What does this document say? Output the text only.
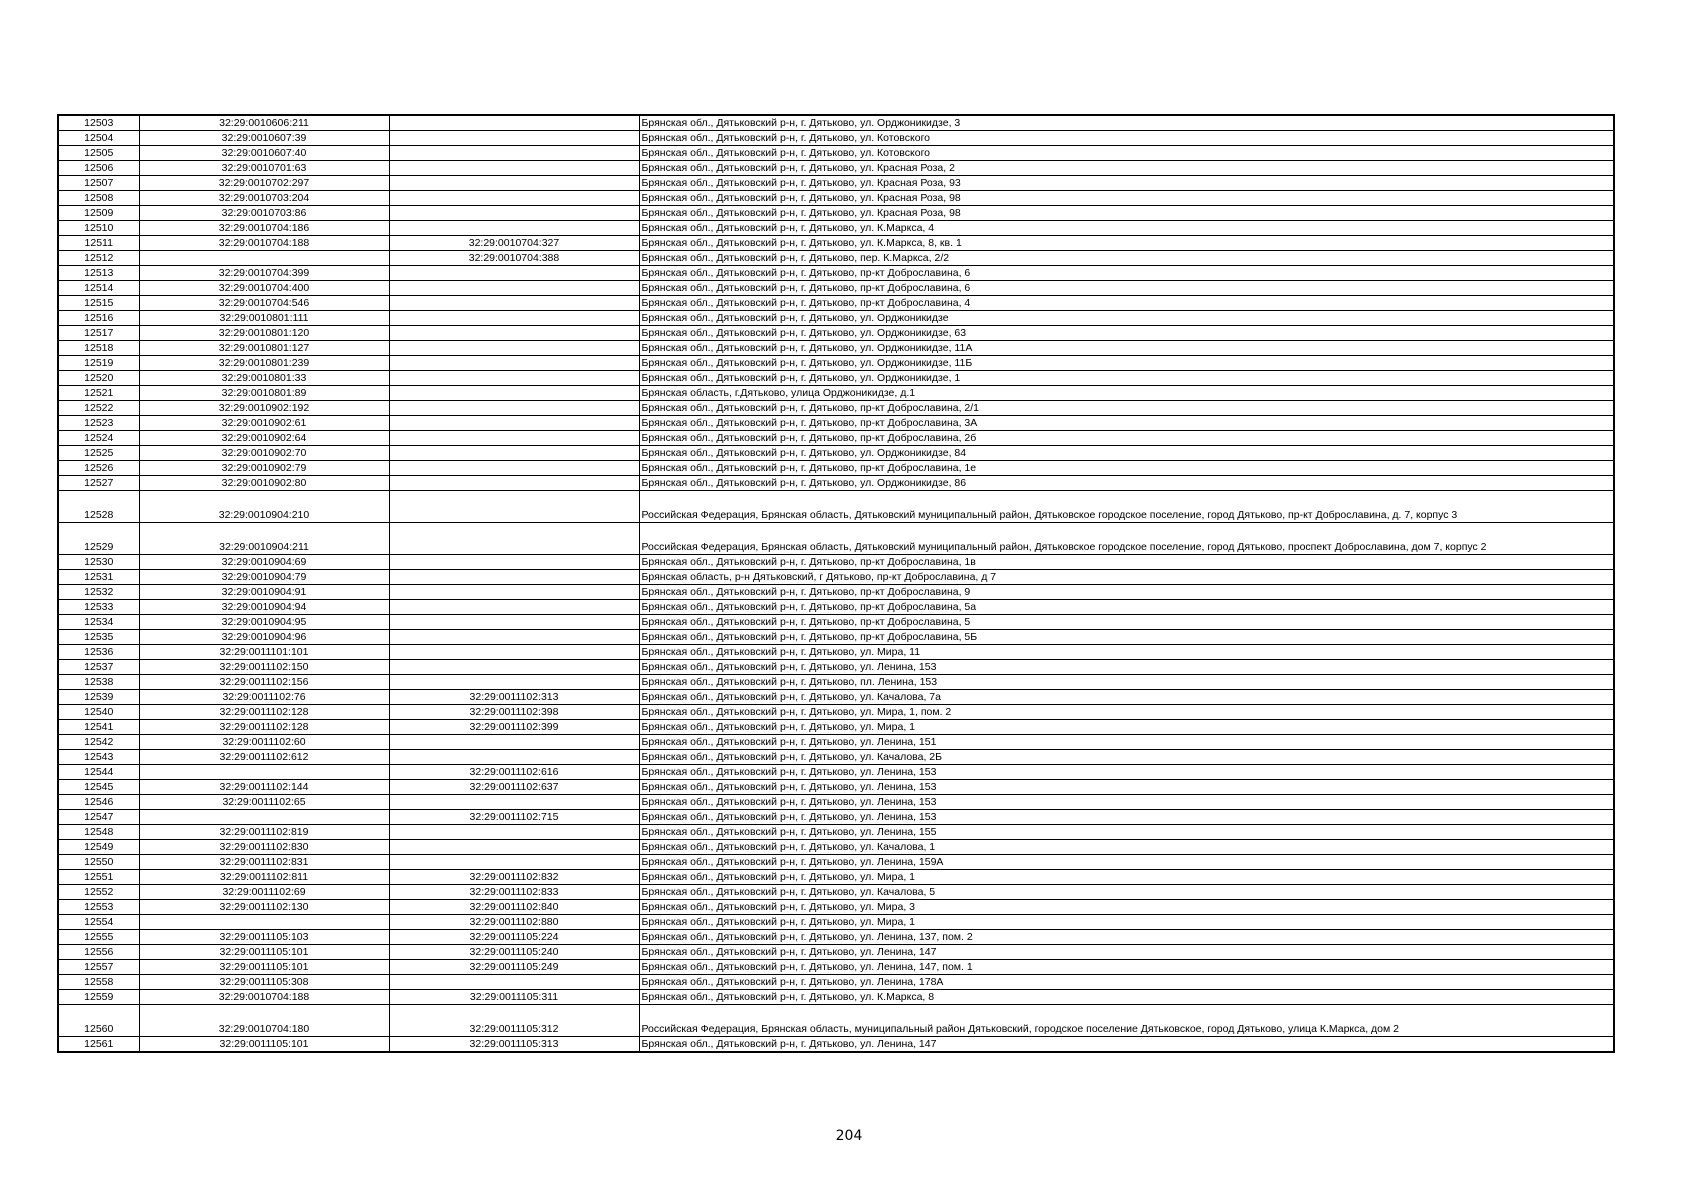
12503	32:29:0010606:211		Брянская обл., Дятьковский р-н, г. Дятьково, ул. Орджоникидзе, 3
12504	32:29:0010607:39		Брянская обл., Дятьковский р-н, г. Дятьково, ул. Котовского
12505	32:29:0010607:40		Брянская обл., Дятьковский р-н, г. Дятьково, ул. Котовского
12506	32:29:0010701:63		Брянская обл., Дятьковский р-н, г. Дятьково, ул. Красная Роза, 2
12507	32:29:0010702:297		Брянская обл., Дятьковский р-н, г. Дятьково, ул. Красная Роза, 93
12508	32:29:0010703:204		Брянская обл., Дятьковский р-н, г. Дятьково, ул. Красная Роза, 98
12509	32:29:0010703:86		Брянская обл., Дятьковский р-н, г. Дятьково, ул. Красная Роза, 98
12510	32:29:0010704:186		Брянская обл., Дятьковский р-н, г. Дятьково, ул. К.Маркса, 4
12511	32:29:0010704:188	32:29:0010704:327	Брянская обл., Дятьковский р-н, г. Дятьково, ул. К.Маркса, 8, кв. 1
12512		32:29:0010704:388	Брянская обл., Дятьковский р-н, г. Дятьково, пер. К.Маркса, 2/2
12513	32:29:0010704:399		Брянская обл., Дятьковский р-н, г. Дятьково, пр-кт Доброславина, 6
12514	32:29:0010704:400		Брянская обл., Дятьковский р-н, г. Дятьково, пр-кт Доброславина, 6
12515	32:29:0010704:546		Брянская обл., Дятьковский р-н, г. Дятьково, пр-кт Доброславина, 4
12516	32:29:0010801:111		Брянская обл., Дятьковский р-н, г. Дятьково, ул. Орджоникидзе
12517	32:29:0010801:120		Брянская обл., Дятьковский р-н, г. Дятьково, ул. Орджоникидзе, 63
12518	32:29:0010801:127		Брянская обл., Дятьковский р-н, г. Дятьково, ул. Орджоникидзе, 11А
12519	32:29:0010801:239		Брянская обл., Дятьковский р-н, г. Дятьково, ул. Орджоникидзе, 11Б
12520	32:29:0010801:33		Брянская обл., Дятьковский р-н, г. Дятьково, ул. Орджоникидзе, 1
12521	32:29:0010801:89		Брянская область, г.Дятьково, улица Орджоникидзе, д.1
12522	32:29:0010902:192		Брянская обл., Дятьковский р-н, г. Дятьково, пр-кт Доброславина, 2/1
12523	32:29:0010902:61		Брянская обл., Дятьковский р-н, г. Дятьково, пр-кт Доброславина, 3А
12524	32:29:0010902:64		Брянская обл., Дятьковский р-н, г. Дятьково, пр-кт Доброславина, 2б
12525	32:29:0010902:70		Брянская обл., Дятьковский р-н, г. Дятьково, ул. Орджоникидзе, 84
12526	32:29:0010902:79		Брянская обл., Дятьковский р-н, г. Дятьково, пр-кт Доброславина, 1е
12527	32:29:0010902:80		Брянская обл., Дятьковский р-н, г. Дятьково, ул. Орджоникидзе, 86
12528	32:29:0010904:210		Российская Федерация, Брянская область, Дятьковский муниципальный район, Дятьковское городское поселение, город Дятьково, пр-кт Доброславина, д. 7, корпус 3
12529	32:29:0010904:211		Российская Федерация, Брянская область, Дятьковский муниципальный район, Дятьковское городское поселение, город Дятьково, проспект Доброславина, дом 7, корпус 2
12530	32:29:0010904:69		Брянская обл., Дятьковский р-н, г. Дятьково, пр-кт Доброславина, 1в
12531	32:29:0010904:79		Брянская область, р-н Дятьковский, г Дятьково, пр-кт Доброславина, д 7
12532	32:29:0010904:91		Брянская обл., Дятьковский р-н, г. Дятьково, пр-кт Доброславина, 9
12533	32:29:0010904:94		Брянская обл., Дятьковский р-н, г. Дятьково, пр-кт Доброславина, 5а
12534	32:29:0010904:95		Брянская обл., Дятьковский р-н, г. Дятьково, пр-кт Доброславина, 5
12535	32:29:0010904:96		Брянская обл., Дятьковский р-н, г. Дятьково, пр-кт Доброславина, 5Б
12536	32:29:0011101:101		Брянская обл., Дятьковский р-н, г. Дятьково, ул. Мира, 11
12537	32:29:0011102:150		Брянская обл., Дятьковский р-н, г. Дятьково, ул. Ленина, 153
12538	32:29:0011102:156		Брянская обл., Дятьковский р-н, г. Дятьково, пл. Ленина, 153
12539	32:29:0011102:76	32:29:0011102:313	Брянская обл., Дятьковский р-н, г. Дятьково, ул. Качалова, 7а
12540	32:29:0011102:128	32:29:0011102:398	Брянская обл., Дятьковский р-н, г. Дятьково, ул. Мира, 1, пом. 2
12541	32:29:0011102:128	32:29:0011102:399	Брянская обл., Дятьковский р-н, г. Дятьково, ул. Мира, 1
12542	32:29:0011102:60		Брянская обл., Дятьковский р-н, г. Дятьково, ул. Ленина, 151
12543	32:29:0011102:612		Брянская обл., Дятьковский р-н, г. Дятьково, ул. Качалова, 2Б
12544		32:29:0011102:616	Брянская обл., Дятьковский р-н, г. Дятьково, ул. Ленина, 153
12545	32:29:0011102:144	32:29:0011102:637	Брянская обл., Дятьковский р-н, г. Дятьково, ул. Ленина, 153
12546	32:29:0011102:65		Брянская обл., Дятьковский р-н, г. Дятьково, ул. Ленина, 153
12547		32:29:0011102:715	Брянская обл., Дятьковский р-н, г. Дятьково, ул. Ленина, 153
12548	32:29:0011102:819		Брянская обл., Дятьковский р-н, г. Дятьково, ул. Ленина, 155
12549	32:29:0011102:830		Брянская обл., Дятьковский р-н, г. Дятьково, ул. Качалова, 1
12550	32:29:0011102:831		Брянская обл., Дятьковский р-н, г. Дятьково, ул. Ленина, 159А
12551	32:29:0011102:811	32:29:0011102:832	Брянская обл., Дятьковский р-н, г. Дятьково, ул. Мира, 1
12552	32:29:0011102:69	32:29:0011102:833	Брянская обл., Дятьковский р-н, г. Дятьково, ул. Качалова, 5
12553	32:29:0011102:130	32:29:0011102:840	Брянская обл., Дятьковский р-н, г. Дятьково, ул. Мира, 3
12554		32:29:0011102:880	Брянская обл., Дятьковский р-н, г. Дятьково, ул. Мира, 1
12555	32:29:0011105:103	32:29:0011105:224	Брянская обл., Дятьковский р-н, г. Дятьково, ул. Ленина, 137, пом. 2
12556	32:29:0011105:101	32:29:0011105:240	Брянская обл., Дятьковский р-н, г. Дятьково, ул. Ленина, 147
12557	32:29:0011105:101	32:29:0011105:249	Брянская обл., Дятьковский р-н, г. Дятьково, ул. Ленина, 147, пом. 1
12558	32:29:0011105:308		Брянская обл., Дятьковский р-н, г. Дятьково, ул. Ленина, 178А
12559	32:29:0010704:188	32:29:0011105:311	Брянская обл., Дятьковский р-н, г. Дятьково, ул. К.Маркса, 8
12560	32:29:0010704:180	32:29:0011105:312	Российская Федерация, Брянская область, муниципальный район Дятьковский, городское поселение Дятьковское, город Дятьково, улица К.Маркса, дом 2
12561	32:29:0011105:101	32:29:0011105:313	Брянская обл., Дятьковский р-н, г. Дятьково, ул. Ленина, 147
204
